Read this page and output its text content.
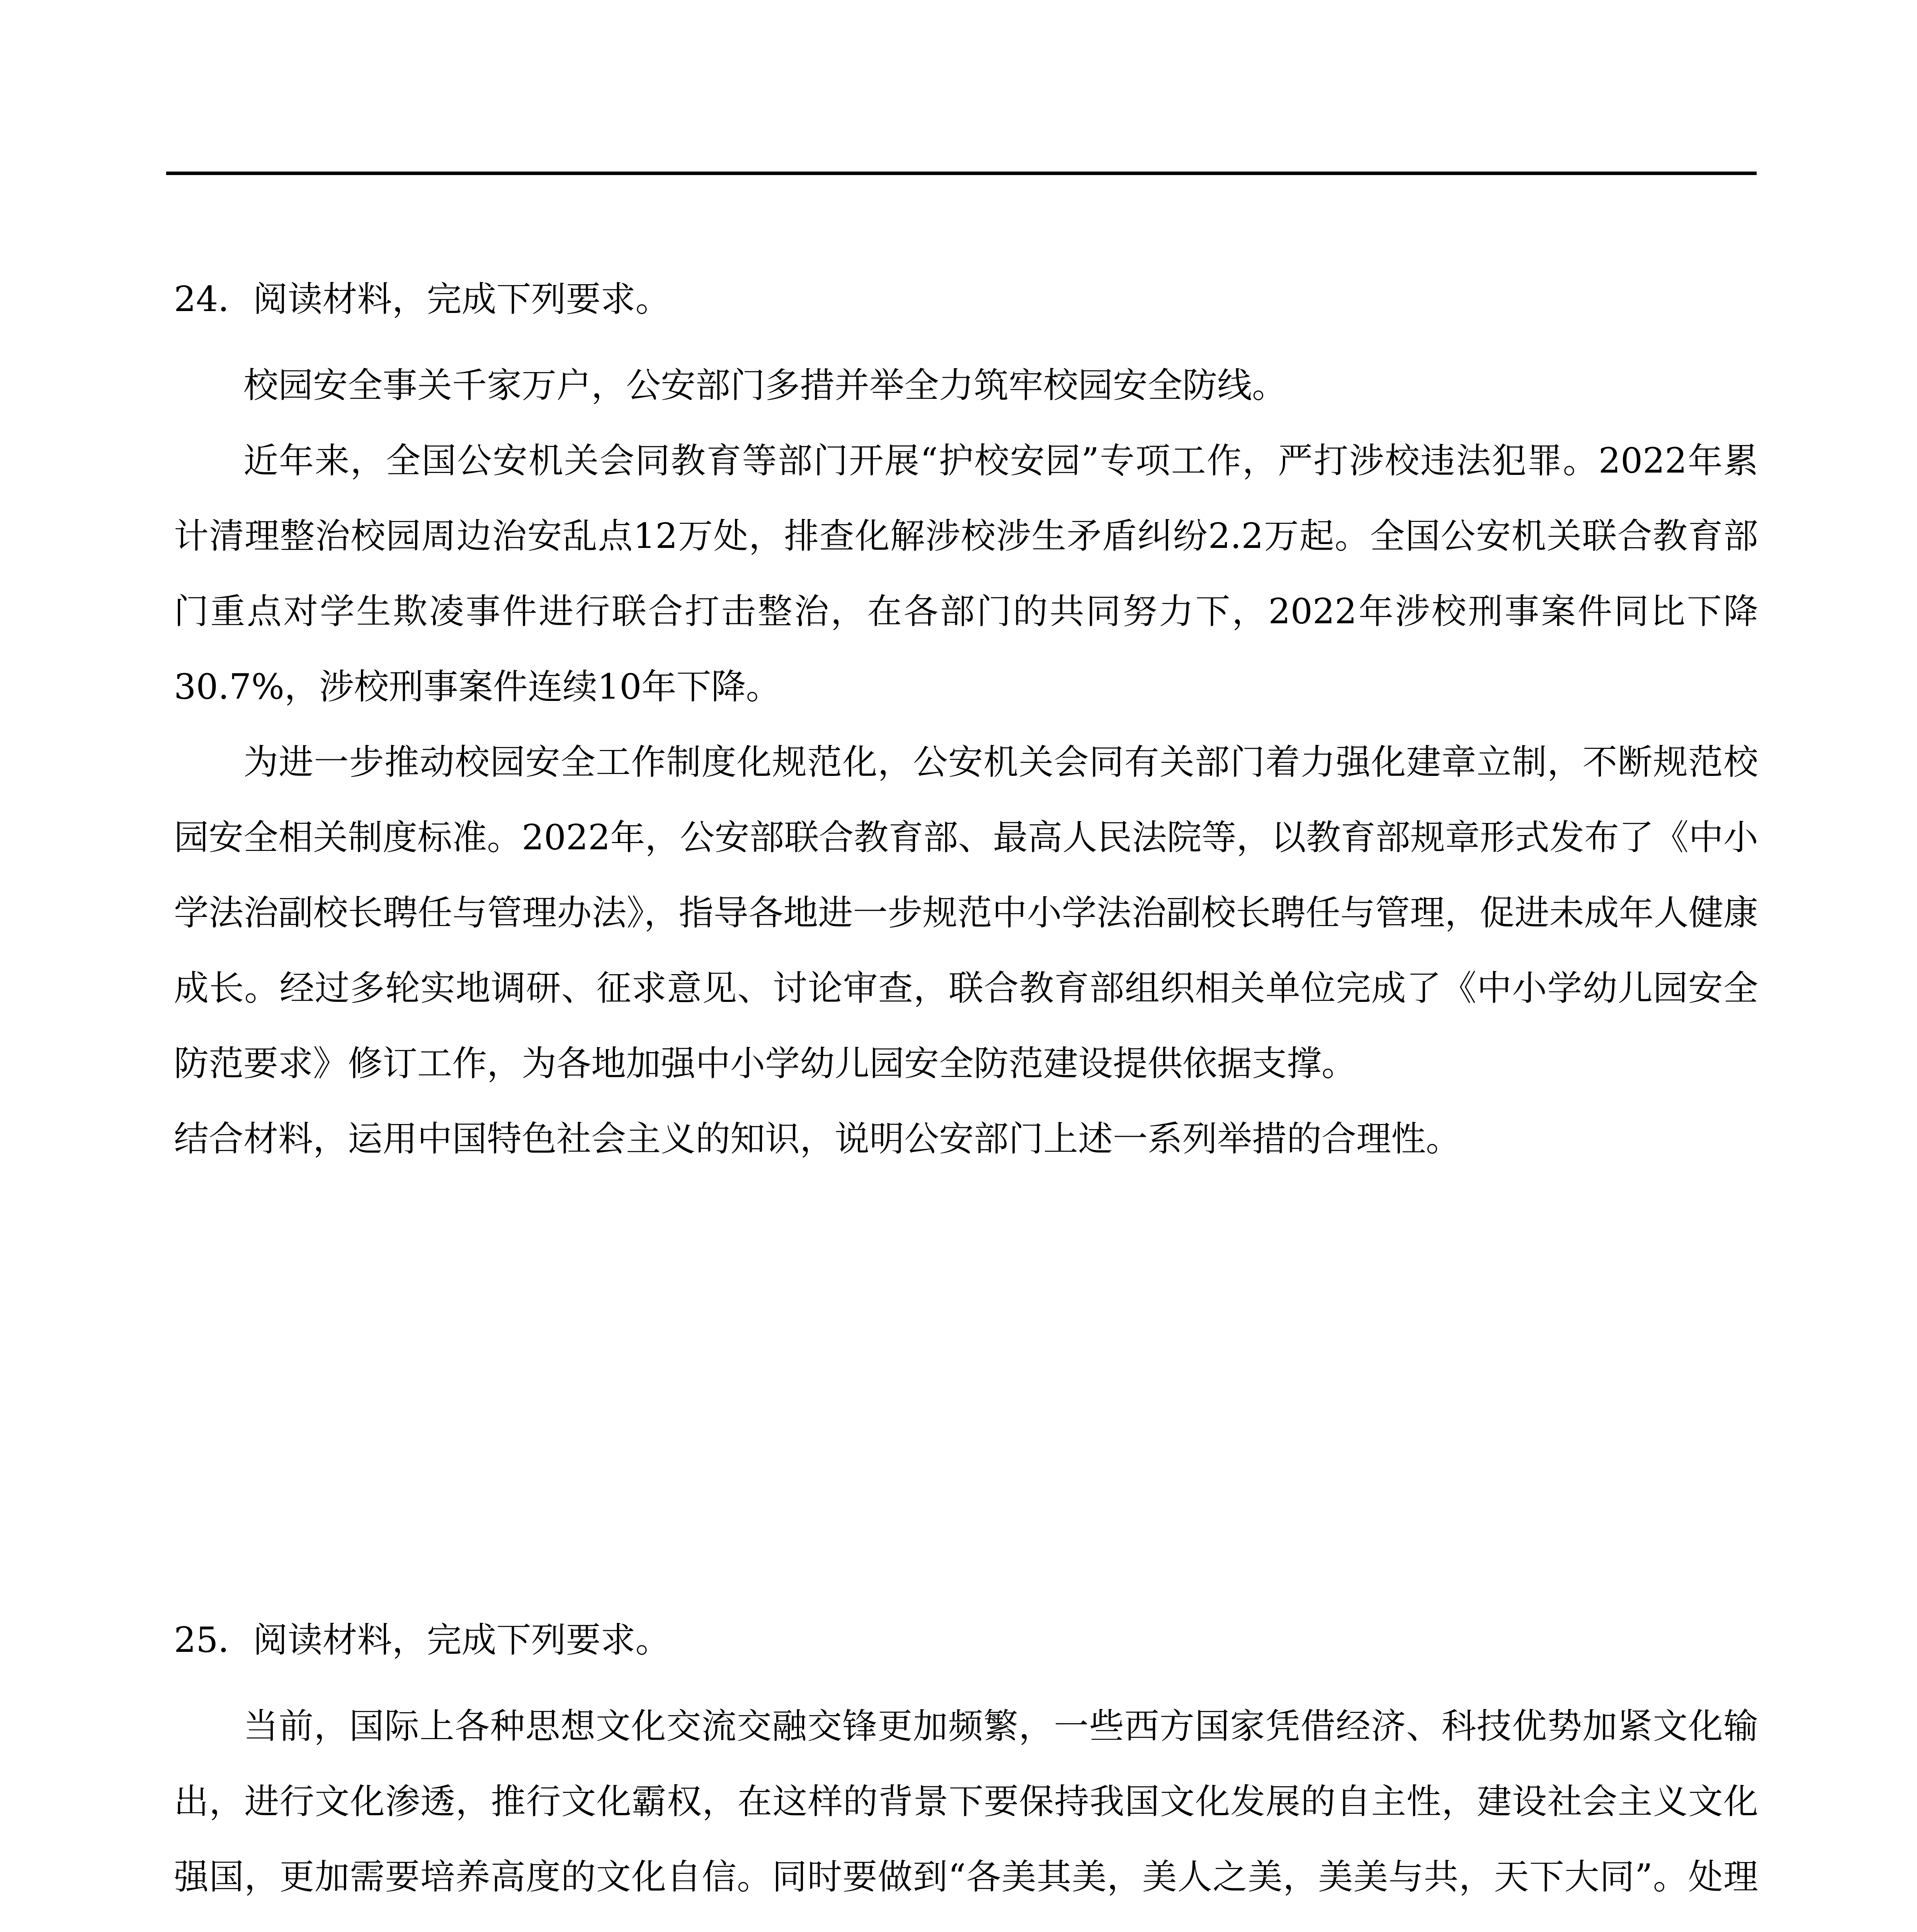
24．阅读材料，完成下列要求。

校园安全事关千家万户，公安部门多措并举全力筑牢校园安全防线。

近年来，全国公安机关会同教育等部门开展“护校安园”专项工作，严打涉校违法犯罪。2022年累计清理整治校园周边治安乱点12万处，排查化解涉校涉生矛盾纠纷2.2万起。全国公安机关联合教育部门重点对学生欺凌事件进行联合打击整治，在各部门的共同努力下，2022年涉校刑事案件同比下降30.7%，涉校刑事案件连续10年下降。

为进一步推动校园安全工作制度化规范化，公安机关会同有关部门着力强化建章立制，不断规范校园安全相关制度标准。2022年，公安部联合教育部、最高人民法院等，以教育部规章形式发布了《中小学法治副校长聘任与管理办法》，指导各地进一步规范中小学法治副校长聘任与管理，促进未成年人健康成长。经过多轮实地调研、征求意见、讨论审查，联合教育部组织相关单位完成了《中小学幼儿园安全防范要求》修订工作，为各地加强中小学幼儿园安全防范建设提供依据支撑。

结合材料，运用中国特色社会主义的知识，说明公安部门上述一系列举措的合理性。

25．阅读材料，完成下列要求。

当前，国际上各种思想文化交流交融交锋更加频繁，一些西方国家凭借经济、科技优势加紧文化输出，进行文化渗透，推行文化霸权，在这样的背景下要保持我国文化发展的自主性，建设社会主义文化强国，更加需要培养高度的文化自信。同时要做到“各美其美，美人之美，美美与共，天下大同”。处理
